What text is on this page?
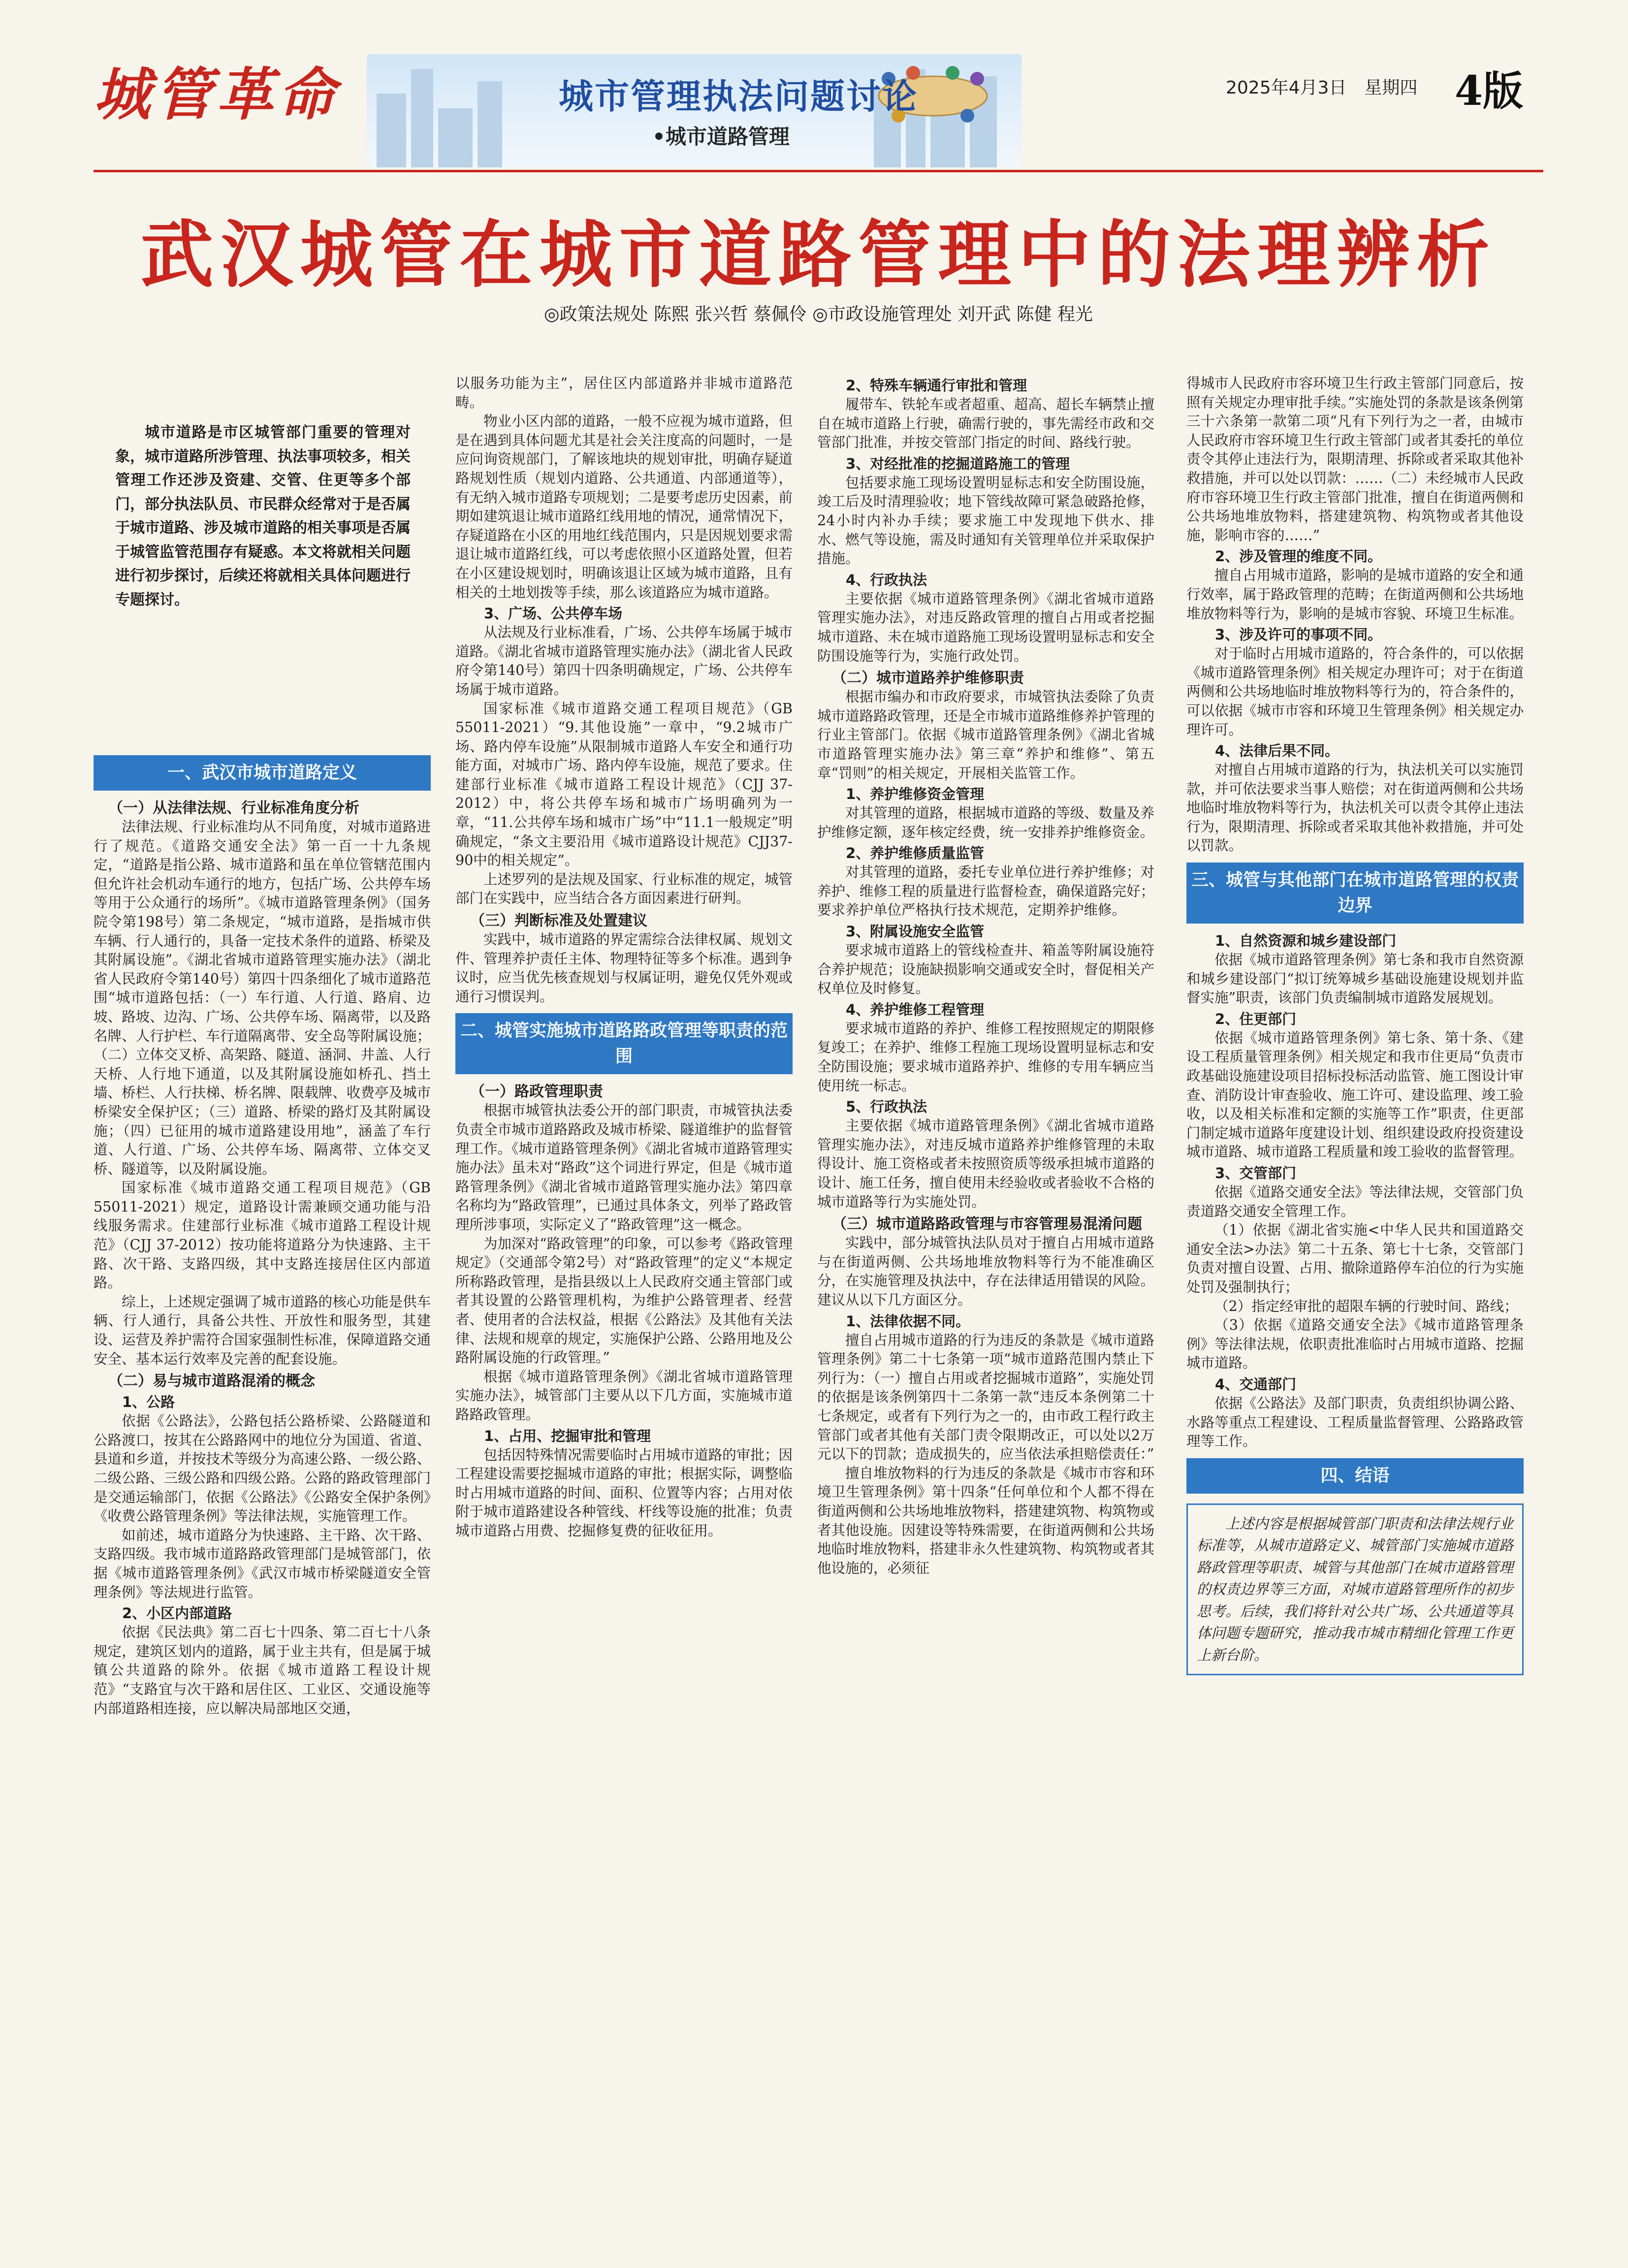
城管革命	城市管理执法问题讨论
•城市道路管理
2025年4月3日　星期四 4版
武汉城管在城市道路管理中的法理辨析
◎政策法规处 陈熙 张兴哲 蔡佩伶 ◎市政设施管理处 刘开武 陈健 程光
一、武汉市城市道路定义
（一）从法律法规、行业标准角度分析

法律法规、行业标准均从不同角度，对城市道路进行了规范。《道路交通安全法》第一百一十九条规定，“道路是指公路、城市道路和虽在单位管辖范围内但允许社会机动车通行的地方，包括广场、公共停车场等用于公众通行的场所”。《城市道路管理条例》（国务院令第198号）第二条规定，“城市道路，是指城市供车辆、行人通行的，具备一定技术条件的道路、桥梁及其附属设施”。《湖北省城市道路管理实施办法》（湖北省人民政府令第140号）第四十四条细化了城市道路范围“城市道路包括：（一）车行道、人行道、路肩、边坡、路坡、边沟、广场、公共停车场、隔离带，以及路名牌、人行护栏、车行道隔离带、安全岛等附属设施；（二）立体交叉桥、高架路、隧道、涵洞、井盖、人行天桥、人行地下通道，以及其附属设施如桥孔、挡土墙、桥栏、人行扶梯、桥名牌、限载牌、收费亭及城市桥梁安全保护区；（三）道路、桥梁的路灯及其附属设施；（四）已征用的城市道路建设用地”，涵盖了车行道、人行道、广场、公共停车场、隔离带、立体交叉桥、隧道等，以及附属设施。

国家标准《城市道路交通工程项目规范》（GB 55011-2021）规定，道路设计需兼顾交通功能与沿线服务需求。住建部行业标准《城市道路工程设计规范》（CJJ 37-2012）按功能将道路分为快速路、主干路、次干路、支路四级，其中支路连接居住区内部道路。

综上，上述规定强调了城市道路的核心功能是供车辆、行人通行，具备公共性、开放性和服务型，其建设、运营及养护需符合国家强制性标准，保障道路交通安全、基本运行效率及完善的配套设施。

（二）易与城市道路混淆的概念
1、公路

依据《公路法》，公路包括公路桥梁、公路隧道和公路渡口，按其在公路路网中的地位分为国道、省道、县道和乡道，并按技术等级分为高速公路、一级公路、二级公路、三级公路和四级公路。公路的路政管理部门是交通运输部门，依据《公路法》《公路安全保护条例》《收费公路管理条例》等法律法规，实施管理工作。

如前述，城市道路分为快速路、主干路、次干路、支路四级。我市城市道路路政管理部门是城管部门，依据《城市道路管理条例》《武汉市城市桥梁隧道安全管理条例》等法规进行监管。

2、小区内部道路

依据《民法典》第二百七十四条、第二百七十八条规定，建筑区划内的道路，属于业主共有，但是属于城镇公共道路的除外。依据《城市道路工程设计规范》“支路宜与次干路和居住区、工业区、交通设施等内部道路相连接，应以解决局部地区交通，

城市道路是市区城管部门重要的管理对象，城市道路所涉管理、执法事项较多，相关管理工作还涉及资建、交管、住更等多个部门，部分执法队员、市民群众经常对于是否属于城市道路、涉及城市道路的相关事项是否属于城管监管范围存有疑惑。本文将就相关问题进行初步探讨，后续还将就相关具体问题进行专题探讨。

以服务功能为主”，居住区内部道路并非城市道路范畴。

物业小区内部的道路，一般不应视为城市道路，但是在遇到具体问题尤其是社会关注度高的问题时，一是应问询资规部门，了解该地块的规划审批，明确存疑道路规划性质（规划内道路、公共通道、内部通道等），有无纳入城市道路专项规划；二是要考虑历史因素，前期如建筑退让城市道路红线用地的情况，通常情况下，存疑道路在小区的用地红线范围内，只是因规划要求需退让城市道路红线，可以考虑依照小区道路处置，但若在小区建设规划时，明确该退让区域为城市道路，且有相关的土地划拨等手续，那么该道路应为城市道路。

3、广场、公共停车场

从法规及行业标准看，广场、公共停车场属于城市道路。《湖北省城市道路管理实施办法》（湖北省人民政府令第140号）第四十四条明确规定，广场、公共停车场属于城市道路。

国家标准《城市道路交通工程项目规范》（GB 55011-2021）“9.其他设施”一章中，“9.2城市广场、路内停车设施”从限制城市道路人车安全和通行功能方面，对城市广场、路内停车设施，规范了要求。住建部行业标准《城市道路工程设计规范》（CJJ 37-2012）中，将公共停车场和城市广场明确列为一章，“11.公共停车场和城市广场”中“11.1一般规定”明确规定，“条文主要沿用《城市道路设计规范》CJJ37-90中的相关规定”。

上述罗列的是法规及国家、行业标准的规定，城管部门在实践中，应当结合各方面因素进行研判。

（三）判断标准及处置建议

实践中，城市道路的界定需综合法律权属、规划文件、管理养护责任主体、物理特征等多个标准。遇到争议时，应当优先核查规划与权属证明，避免仅凭外观或通行习惯误判。

二、城管实施城市道路路政管理等职责的范围
（一）路政管理职责

根据市城管执法委公开的部门职责，市城管执法委负责全市城市道路路政及城市桥梁、隧道维护的监督管理工作。《城市道路管理条例》《湖北省城市道路管理实施办法》虽未对“路政”这个词进行界定，但是《城市道路管理条例》《湖北省城市道路管理实施办法》第四章名称均为“路政管理”，已通过具体条文，列举了路政管理所涉事项，实际定义了“路政管理”这一概念。

为加深对“路政管理”的印象，可以参考《路政管理规定》（交通部令第2号）对“路政管理”的定义“本规定所称路政管理，是指县级以上人民政府交通主管部门或者其设置的公路管理机构，为维护公路管理者、经营者、使用者的合法权益，根据《公路法》及其他有关法律、法规和规章的规定，实施保护公路、公路用地及公路附属设施的行政管理。”

根据《城市道路管理条例》《湖北省城市道路管理实施办法》，城管部门主要从以下几方面，实施城市道路路政管理。

1、占用、挖掘审批和管理

包括因特殊情况需要临时占用城市道路的审批；因工程建设需要挖掘城市道路的审批；根据实际，调整临时占用城市道路的时间、面积、位置等内容；占用对依附于城市道路建设各种管线、杆线等设施的批准；负责城市道路占用费、挖掘修复费的征收征用。

2、特殊车辆通行审批和管理

履带车、铁轮车或者超重、超高、超长车辆禁止擅自在城市道路上行驶，确需行驶的，事先需经市政和交管部门批准，并按交管部门指定的时间、路线行驶。

3、对经批准的挖掘道路施工的管理

包括要求施工现场设置明显标志和安全防围设施，竣工后及时清理验收；地下管线故障可紧急破路抢修，24小时内补办手续；要求施工中发现地下供水、排水、燃气等设施，需及时通知有关管理单位并采取保护措施。

4、行政执法

主要依据《城市道路管理条例》《湖北省城市道路管理实施办法》，对违反路政管理的擅自占用或者挖掘城市道路、未在城市道路施工现场设置明显标志和安全防围设施等行为，实施行政处罚。

（二）城市道路养护维修职责

根据市编办和市政府要求，市城管执法委除了负责城市道路路政管理，还是全市城市道路维修养护管理的行业主管部门。依据《城市道路管理条例》《湖北省城市道路管理实施办法》第三章“养护和维修”、第五章“罚则”的相关规定，开展相关监管工作。

1、养护维修资金管理

对其管理的道路，根据城市道路的等级、数量及养护维修定额，逐年核定经费，统一安排养护维修资金。

2、养护维修质量监管

对其管理的道路，委托专业单位进行养护维修；对养护、维修工程的质量进行监督检查，确保道路完好；要求养护单位严格执行技术规范，定期养护维修。

3、附属设施安全监管

要求城市道路上的管线检查井、箱盖等附属设施符合养护规范；设施缺损影响交通或安全时，督促相关产权单位及时修复。

4、养护维修工程管理

要求城市道路的养护、维修工程按照规定的期限修复竣工；在养护、维修工程施工现场设置明显标志和安全防围设施；要求城市道路养护、维修的专用车辆应当使用统一标志。

5、行政执法

主要依据《城市道路管理条例》《湖北省城市道路管理实施办法》，对违反城市道路养护维修管理的未取得设计、施工资格或者未按照资质等级承担城市道路的设计、施工任务，擅自使用未经验收或者验收不合格的城市道路等行为实施处罚。

（三）城市道路路政管理与市容管理易混淆问题

实践中，部分城管执法队员对于擅自占用城市道路与在街道两侧、公共场地堆放物料等行为不能准确区分，在实施管理及执法中，存在法律适用错误的风险。建议从以下几方面区分。

1、法律依据不同。

擅自占用城市道路的行为违反的条款是《城市道路管理条例》第二十七条第一项“城市道路范围内禁止下列行为：（一）擅自占用或者挖掘城市道路”，实施处罚的依据是该条例第四十二条第一款“违反本条例第二十七条规定，或者有下列行为之一的，由市政工程行政主管部门或者其他有关部门责令限期改正，可以处以2万元以下的罚款；造成损失的，应当依法承担赔偿责任：”

擅自堆放物料的行为违反的条款是《城市市容和环境卫生管理条例》第十四条“任何单位和个人都不得在街道两侧和公共场地堆放物料，搭建建筑物、构筑物或者其他设施。因建设等特殊需要，在街道两侧和公共场地临时堆放物料，搭建非永久性建筑物、构筑物或者其他设施的，必须征

得城市人民政府市容环境卫生行政主管部门同意后，按照有关规定办理审批手续。”实施处罚的条款是该条例第三十六条第一款第二项“凡有下列行为之一者，由城市人民政府市容环境卫生行政主管部门或者其委托的单位责令其停止违法行为，限期清理、拆除或者采取其他补救措施，并可以处以罚款：……（二）未经城市人民政府市容环境卫生行政主管部门批准，擅自在街道两侧和公共场地堆放物料，搭建建筑物、构筑物或者其他设施，影响市容的……”

2、涉及管理的维度不同。

擅自占用城市道路，影响的是城市道路的安全和通行效率，属于路政管理的范畴；在街道两侧和公共场地堆放物料等行为，影响的是城市容貌、环境卫生标准。

3、涉及许可的事项不同。

对于临时占用城市道路的，符合条件的，可以依据《城市道路管理条例》相关规定办理许可；对于在街道两侧和公共场地临时堆放物料等行为的，符合条件的，可以依据《城市市容和环境卫生管理条例》相关规定办理许可。

4、法律后果不同。

对擅自占用城市道路的行为，执法机关可以实施罚款，并可依法要求当事人赔偿；对在街道两侧和公共场地临时堆放物料等行为，执法机关可以责令其停止违法行为，限期清理、拆除或者采取其他补救措施，并可处以罚款。

三、城管与其他部门在城市道路管理的权责边界
1、自然资源和城乡建设部门

依据《城市道路管理条例》第七条和我市自然资源和城乡建设部门“拟订统筹城乡基础设施建设规划并监督实施”职责，该部门负责编制城市道路发展规划。

2、住更部门

依据《城市道路管理条例》第七条、第十条、《建设工程质量管理条例》相关规定和我市住更局“负责市政基础设施建设项目招标投标活动监管、施工图设计审查、消防设计审查验收、施工许可、建设监理、竣工验收，以及相关标准和定额的实施等工作”职责，住更部门制定城市道路年度建设计划、组织建设政府投资建设城市道路、城市道路工程质量和竣工验收的监督管理。

3、交管部门

依据《道路交通安全法》等法律法规，交管部门负责道路交通安全管理工作。

（1）依据《湖北省实施<中华人民共和国道路交通安全法>办法》第二十五条、第七十七条，交管部门负责对擅自设置、占用、撤除道路停车泊位的行为实施处罚及强制执行；

（2）指定经审批的超限车辆的行驶时间、路线；

（3）依据《道路交通安全法》《城市道路管理条例》等法律法规，依职责批准临时占用城市道路、挖掘城市道路。

4、交通部门

依据《公路法》及部门职责，负责组织协调公路、水路等重点工程建设、工程质量监督管理、公路路政管理等工作。

四、结语

上述内容是根据城管部门职责和法律法规行业标准等，从城市道路定义、城管部门实施城市道路路政管理等职责、城管与其他部门在城市道路管理的权责边界等三方面，对城市道路管理所作的初步思考。后续，我们将针对公共广场、公共通道等具体问题专题研究，推动我市城市精细化管理工作更上新台阶。
